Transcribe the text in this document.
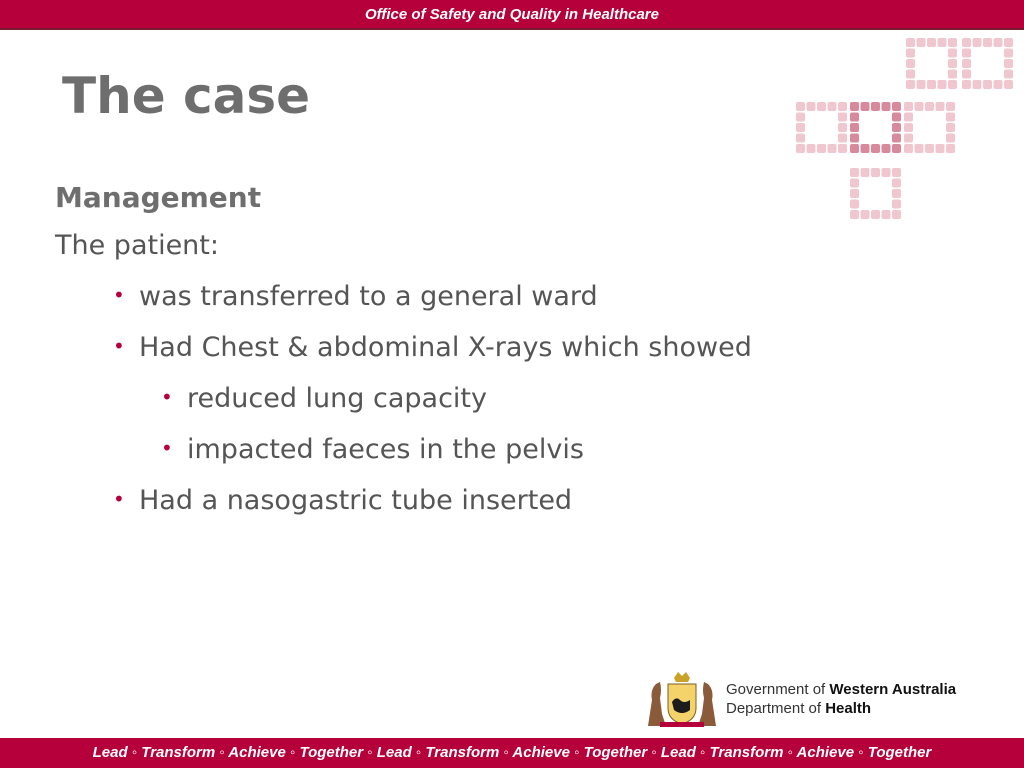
Office of Safety and Quality in Healthcare
The case

Management

The patient:

• was transferred to a general ward
• Had Chest & abdominal X-rays which showed
• reduced lung capacity
• impacted faeces in the pelvis
• Had a nasogastric tube inserted
Government of Western Australia
Department of Health
Lead ◦ Transform ◦ Achieve ◦ Together ◦ Lead ◦ Transform ◦ Achieve ◦ Together ◦ Lead ◦ Transform ◦ Achieve ◦ Together
